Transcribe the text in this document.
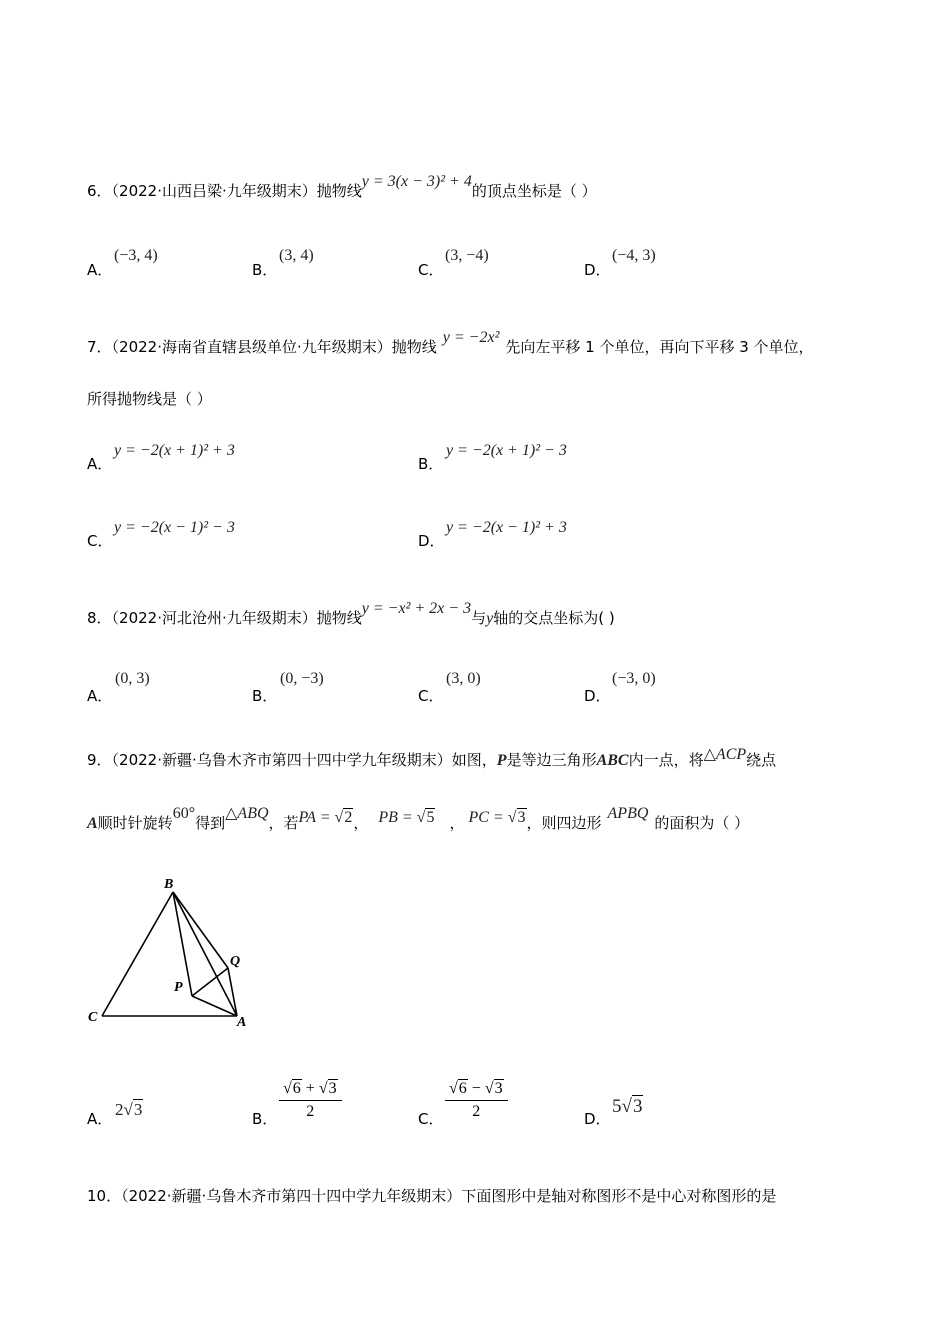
6．（2022·山西吕梁·九年级期末）抛物线y = 3(x − 3)² + 4的顶点坐标是（ ）
A．
(−3, 4)
B．
(3, 4)
C．
(3, −4)
D．
(−4, 3)
7．（2022·海南省直辖县级单位·九年级期末）抛物线y = −2x²先向左平移 1 个单位，再向下平移 3 个单位，
所得抛物线是（ ）
A．
y = −2(x + 1)² + 3
B．
y = −2(x + 1)² − 3
C．
y = −2(x − 1)² − 3
D．
y = −2(x − 1)² + 3
8．（2022·河北沧州·九年级期末）抛物线y = −x² + 2x − 3与y轴的交点坐标为( )
A．
(0, 3)
B．
(0, −3)
C．
(3, 0)
D．
(−3, 0)
9．（2022·新疆·乌鲁木齐市第四十四中学九年级期末）如图，P是等边三角形ABC内一点，将△ACP绕点
A顺时针旋转60°得到△ABQ，若PA = √2， PB = √5 ， PC = √3，则四边形APBQ的面积为（ ）
B
C	A
P
Q
A． 2√3	B． $\frac{√6 + √3}{2}$	C． $\frac{√6 - √3}{2}$	D．
5√3
10．（2022·新疆·乌鲁木齐市第四十四中学九年级期末）下面图形中是轴对称图形不是中心对称图形的是
